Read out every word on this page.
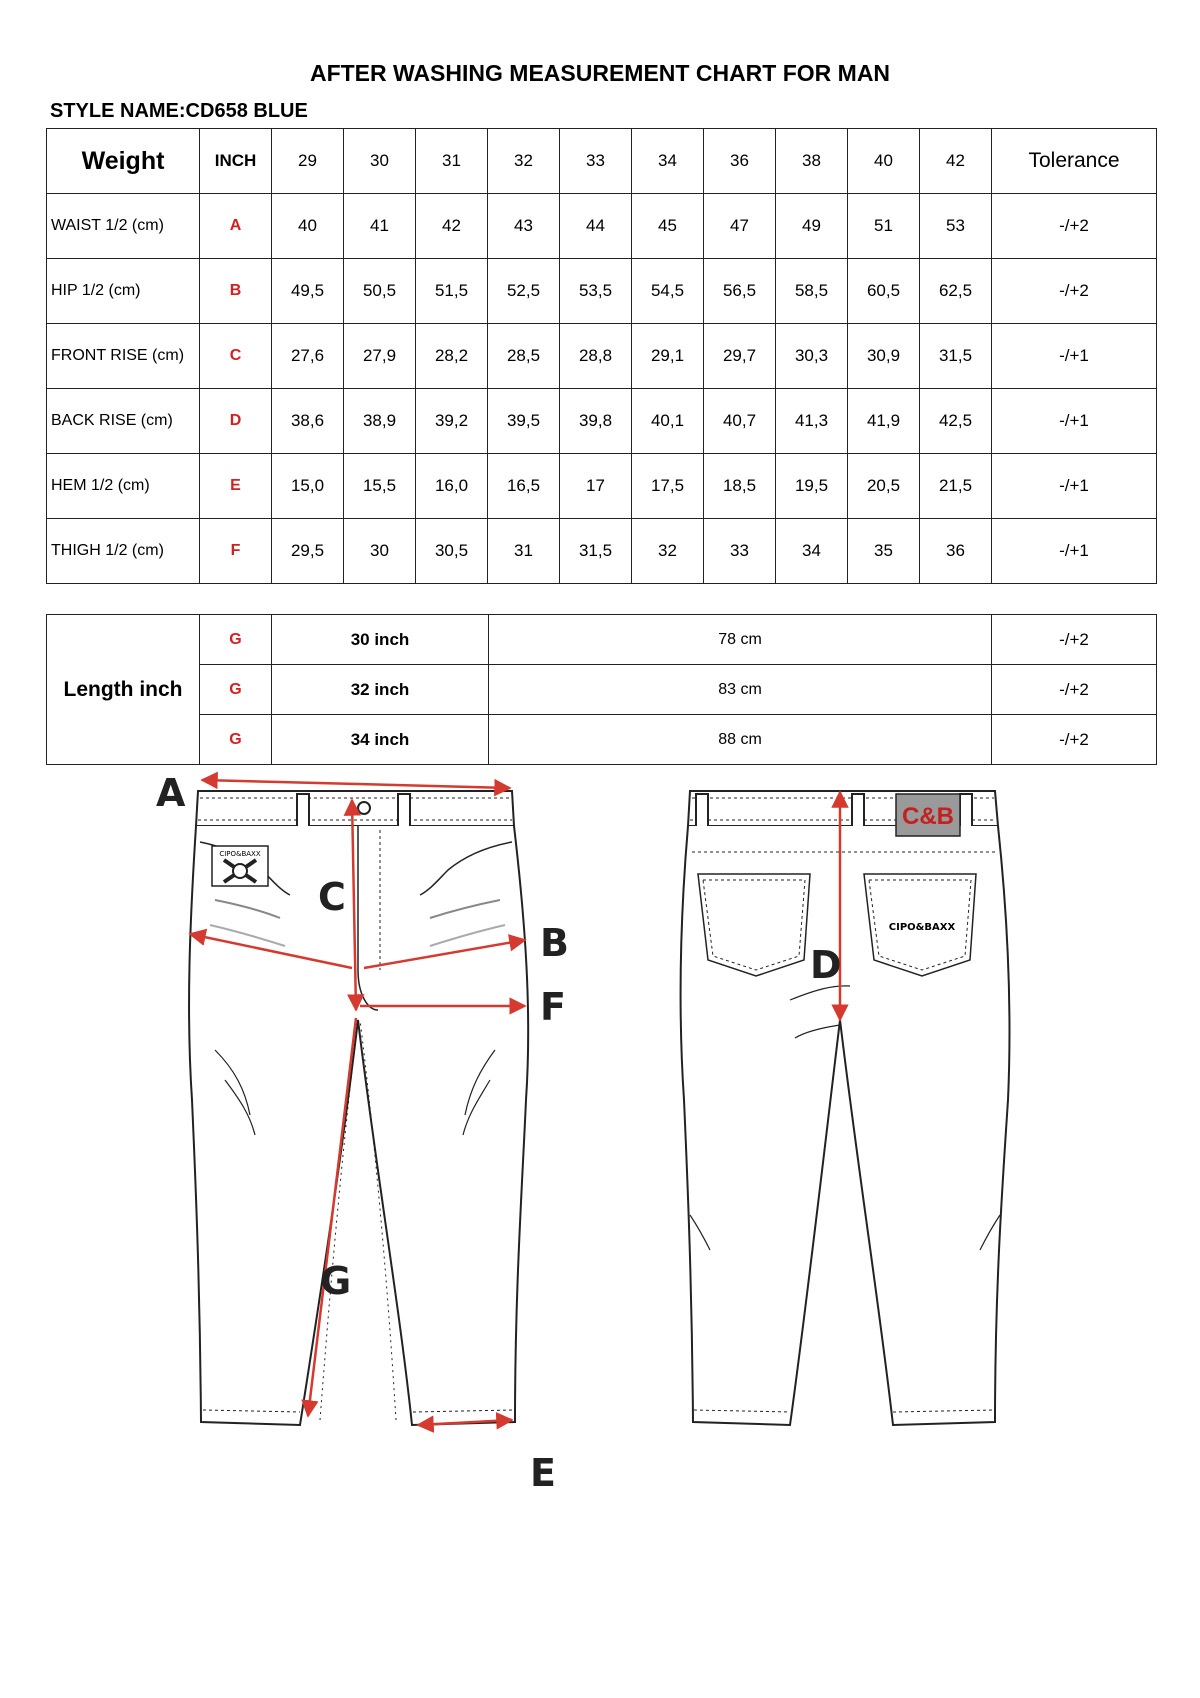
AFTER WASHING MEASUREMENT CHART FOR MAN
STYLE NAME:CD658 BLUE
Weight	INCH	29	30	31	32	33	34	36	38	40	42	Tolerance
WAIST 1/2 (cm)	A	40	41	42	43	44	45	47	49	51	53	-/+2
HIP 1/2 (cm)	B	49,5	50,5	51,5	52,5	53,5	54,5	56,5	58,5	60,5	62,5	-/+2
FRONT RISE (cm)	C	27,6	27,9	28,2	28,5	28,8	29,1	29,7	30,3	30,9	31,5	-/+1
BACK RISE (cm)	D	38,6	38,9	39,2	39,5	39,8	40,1	40,7	41,3	41,9	42,5	-/+1
HEM 1/2 (cm)	E	15,0	15,5	16,0	16,5	17	17,5	18,5	19,5	20,5	21,5	-/+1
THIGH 1/2 (cm)	F	29,5	30	30,5	31	31,5	32	33	34	35	36	-/+1
Length inch	G	30 inch	78 cm	-/+2
	G	32 inch	83 cm	-/+2
	G	34 inch	88 cm	-/+2
CIPO&BAXX
CIPO&BAXX
C&B
A
C
B
F
G
E
D
